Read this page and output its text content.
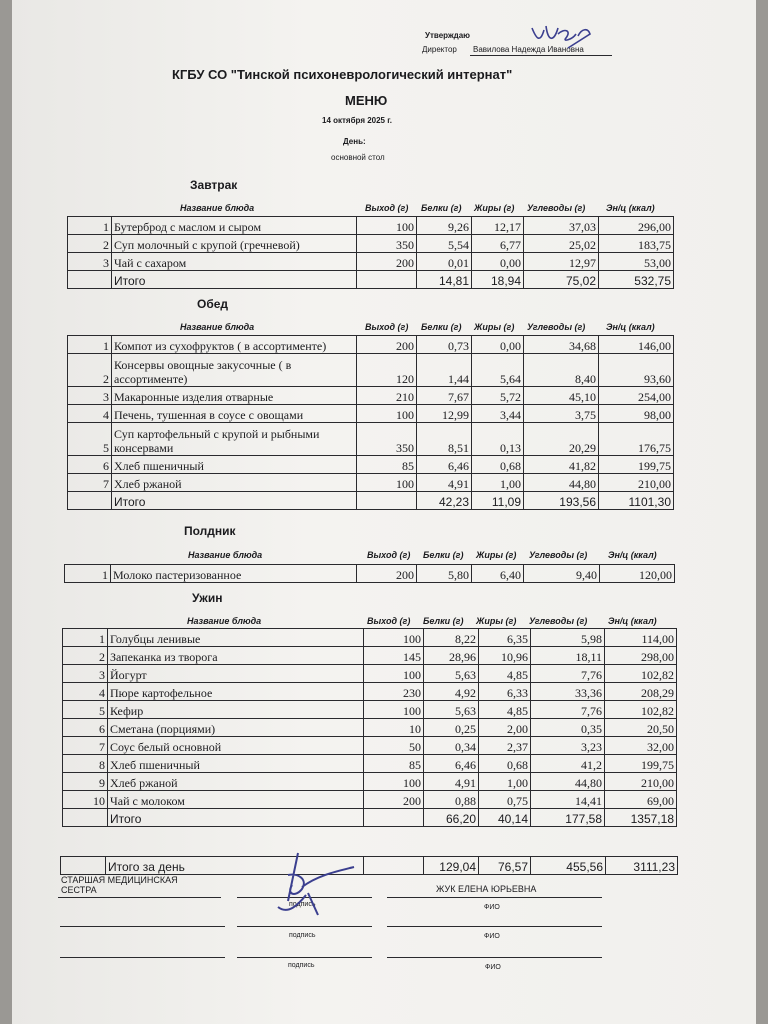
Утверждаю
Директор Вавилова Надежда Ивановна
КГБУ СО "Тинской психоневрологический интернат"
МЕНЮ
14 октября 2025 г.
День:
основной стол
Завтрак
Название блюда	Выход (г) Белки (г) Жиры (г) Углеводы (г) Эн/ц (ккал)
1	Бутерброд с маслом и сыром	100	9,26	12,17	37,03	296,00
2	Суп молочный с крупой (гречневой)	350	5,54	6,77	25,02	183,75
3	Чай с сахаром	200	0,01	0,00	12,97	53,00
	Итого		14,81	18,94	75,02	532,75
Обед
Название блюда	Выход (г) Белки (г) Жиры (г) Углеводы (г) Эн/ц (ккал)
1	Компот из сухофруктов ( в ассортименте)	200	0,73	0,00	34,68	146,00
2	Консервы овощные закусочные ( в ассортименте)	120	1,44	5,64	8,40	93,60
3	Макаронные изделия отварные	210	7,67	5,72	45,10	254,00
4	Печень, тушенная в соусе с овощами	100	12,99	3,44	3,75	98,00
5	Суп картофельный с крупой и рыбными консервами	350	8,51	0,13	20,29	176,75
6	Хлеб пшеничный	85	6,46	0,68	41,82	199,75
7	Хлеб ржаной	100	4,91	1,00	44,80	210,00
	Итого		42,23	11,09	193,56	1101,30
Полдник
Название блюда	Выход (г) Белки (г) Жиры (г) Углеводы (г) Эн/ц (ккал)
1	Молоко пастеризованное	200	5,80	6,40	9,40	120,00
Ужин
Название блюда	Выход (г) Белки (г) Жиры (г) Углеводы (г) Эн/ц (ккал)
1	Голубцы ленивые	100	8,22	6,35	5,98	114,00
2	Запеканка из творога	145	28,96	10,96	18,11	298,00
3	Йогурт	100	5,63	4,85	7,76	102,82
4	Пюре картофельное	230	4,92	6,33	33,36	208,29
5	Кефир	100	5,63	4,85	7,76	102,82
6	Сметана (порциями)	10	0,25	2,00	0,35	20,50
7	Соус белый основной	50	0,34	2,37	3,23	32,00
8	Хлеб пшеничный	85	6,46	0,68	41,2	199,75
9	Хлеб ржаной	100	4,91	1,00	44,80	210,00
10	Чай с молоком	200	0,88	0,75	14,41	69,00
	Итого		66,20	40,14	177,58	1357,18
	Итого за день		129,04	76,57	455,56	3111,23
СТАРШАЯ МЕДИЦИНСКАЯ СЕСТРА	ЖУК ЕЛЕНА ЮРЬЕВНА
подпись	ФИО
подпись	ФИО
подпись	ФИО
